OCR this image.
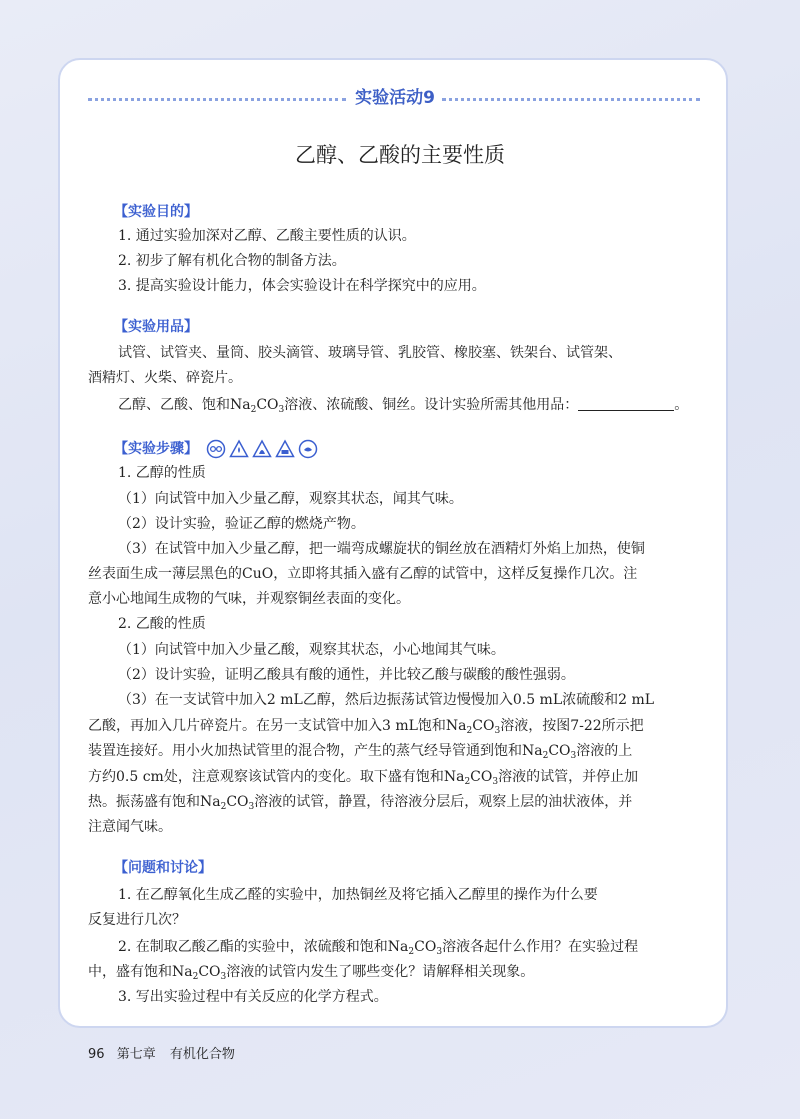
实验活动9
乙醇、乙酸的主要性质
【实验目的】
1. 通过实验加深对乙醇、乙酸主要性质的认识。
2. 初步了解有机化合物的制备方法。
3. 提高实验设计能力，体会实验设计在科学探究中的应用。
【实验用品】
试管、试管夹、量筒、胶头滴管、玻璃导管、乳胶管、橡胶塞、铁架台、试管架、
酒精灯、火柴、碎瓷片。
乙醇、乙酸、饱和$Na_2CO_3$溶液、浓硫酸、铜丝。设计实验所需其他用品：	。
【实验步骤】
1. 乙醇的性质
（1）向试管中加入少量乙醇，观察其状态，闻其气味。
（2）设计实验，验证乙醇的燃烧产物。
（3）在试管中加入少量乙醇，把一端弯成螺旋状的铜丝放在酒精灯外焰上加热，使铜
丝表面生成一薄层黑色的CuO，立即将其插入盛有乙醇的试管中，这样反复操作几次。注
意小心地闻生成物的气味，并观察铜丝表面的变化。
2. 乙酸的性质
（1）向试管中加入少量乙酸，观察其状态，小心地闻其气味。
（2）设计实验，证明乙酸具有酸的通性，并比较乙酸与碳酸的酸性强弱。
（3）在一支试管中加入2 mL乙醇，然后边振荡试管边慢慢加入0.5 mL浓硫酸和2 mL
乙酸，再加入几片碎瓷片。在另一支试管中加入3 mL饱和$Na_2CO_3$溶液，按图7-22所示把
装置连接好。用小火加热试管里的混合物，产生的蒸气经导管通到饱和$Na_2CO_3$溶液的上
方约0.5 cm处，注意观察该试管内的变化。取下盛有饱和$Na_2CO_3$溶液的试管，并停止加
热。振荡盛有饱和$Na_2CO_3$溶液的试管，静置，待溶液分层后，观察上层的油状液体，并
注意闻气味。
【问题和讨论】
1. 在乙醇氧化生成乙醛的实验中，加热铜丝及将它插入乙醇里的操作为什么要
反复进行几次？
2. 在制取乙酸乙酯的实验中，浓硫酸和饱和$Na_2CO_3$溶液各起什么作用？在实验过程
中，盛有饱和$Na_2CO_3$溶液的试管内发生了哪些变化？请解释相关现象。
3. 写出实验过程中有关反应的化学方程式。
96 第七章 有机化合物
